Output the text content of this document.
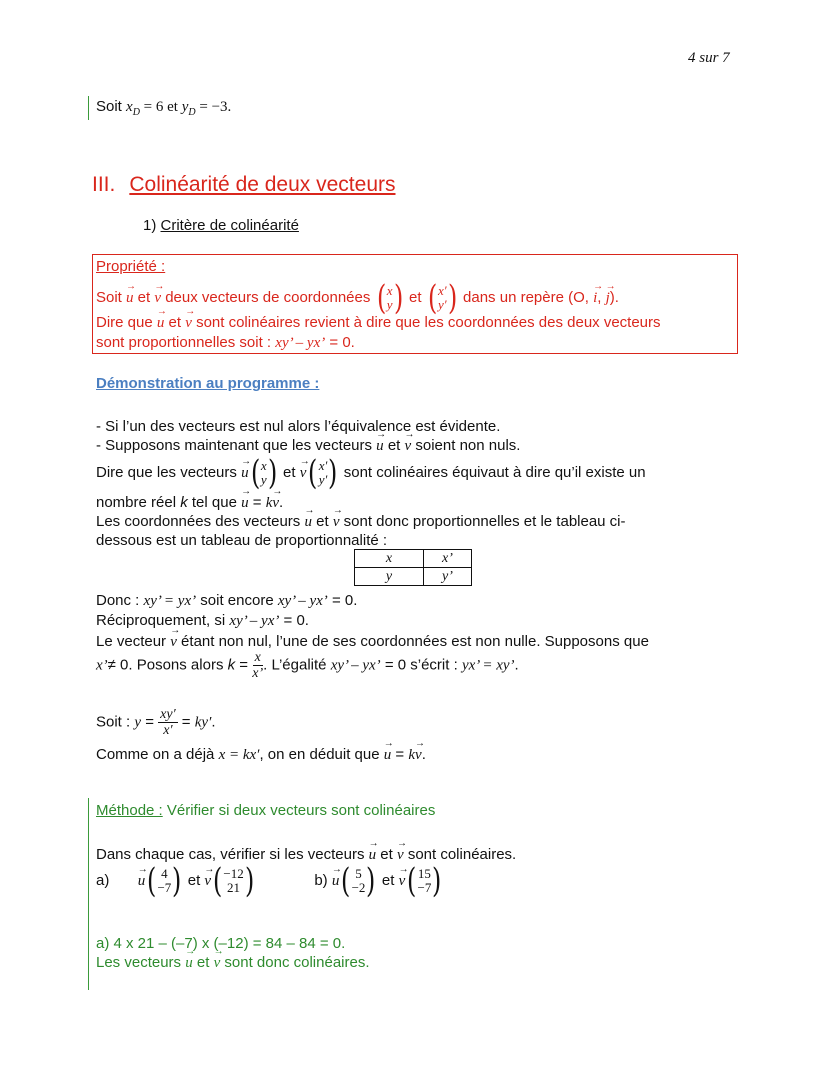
4 sur 7
Soit $x_D = 6$ et $y_D = -3$.
III. Colinéarité de deux vecteurs
1) Critère de colinéarité
Propriété :
Soit → u et → v deux vecteurs de coordonnées ( x
y ) et ( x′
y′ ) dans un repère (O, → i, → j).
Dire que → u et → v sont colinéaires revient à dire que les coordonnées des deux vecteurs
sont proportionnelles soit : xy’ – yx’ = 0.
Démonstration au programme :
- Si l’un des vecteurs est nul alors l’équivalence est évidente.
- Supposons maintenant que les vecteurs → u et → v soient non nuls.
Dire que les vecteurs → u ( x
y ) et → v ( x′
y′ ) sont colinéaires équivaut à dire qu’il existe un
nombre réel k tel que → u = k→ v.
Les coordonnées des vecteurs → u et → v sont donc proportionnelles et le tableau ci-
dessous est un tableau de proportionnalité :
x	x’
y	y’
Donc : xy’ = yx’ soit encore xy’ – yx’ = 0.
Réciproquement, si xy’ – yx’ = 0.
Le vecteur → v étant non nul, l’une de ses coordonnées est non nulle. Supposons que
x’≠ 0. Posons alors $k = \frac{x}{x’}$ . L’égalité xy’ – yx’ = 0 s’écrit : yx’ = xy’.
Soit : $y = \frac{xy'}{x'} = ky'$.
Comme on a déjà x = kx′, on en déduit que → u = k→ v.
Méthode : Vérifier si deux vecteurs sont colinéaires
Dans chaque cas, vérifier si les vecteurs → u et → v sont colinéaires.
a) → u ( 4
−7 ) et → v ( −12
21 )	b) → u ( 5
−2 ) et → v ( 15
−7 )
a) 4 x 21 – (–7) x (–12) = 84 – 84 = 0.
Les vecteurs → u et → v sont donc colinéaires.
